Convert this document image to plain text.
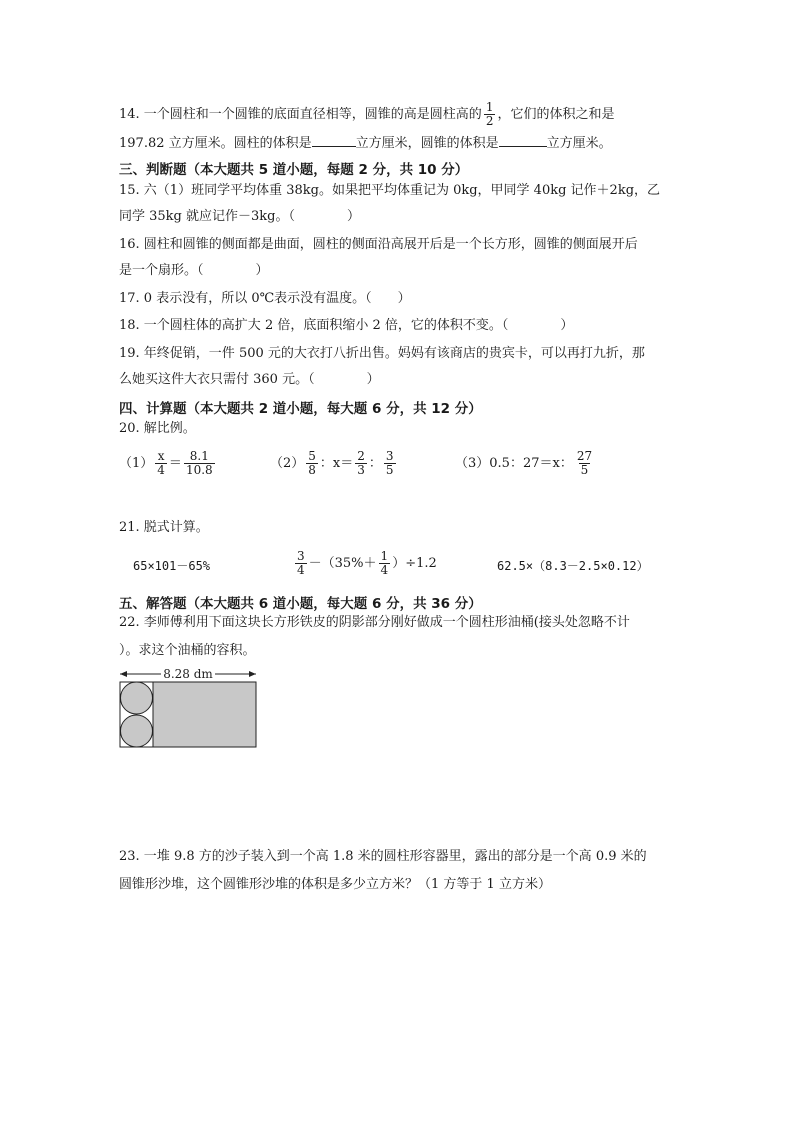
14. 一个圆柱和一个圆锥的底面直径相等，圆锥的高是圆柱高的 $\frac{1}{2}$ ，它们的体积之和是
197.82 立方厘米。圆柱的体积是	立方厘米，圆锥的体积是	立方厘米。
三、判断题（本大题共 5 道小题，每题 2 分，共 10 分）
15. 六（1）班同学平均体重 38kg。如果把平均体重记为 0kg，甲同学 40kg 记作＋2kg，乙
同学 35kg 就应记作－3kg。（　　　　）
16. 圆柱和圆锥的侧面都是曲面，圆柱的侧面沿高展开后是一个长方形，圆锥的侧面展开后
是一个扇形。（　　　　）
17. 0 表示没有，所以 0℃表示没有温度。（　　）
18. 一个圆柱体的高扩大 2 倍，底面积缩小 2 倍，它的体积不变。（　　　　）
19. 年终促销，一件 500 元的大衣打八折出售。妈妈有该商店的贵宾卡，可以再打九折，那
么她买这件大衣只需付 360 元。（　　　　）
四、计算题（本大题共 2 道小题，每大题 6 分，共 12 分）
20. 解比例。
$(1) \frac{x}{4} = \frac{8.1}{10.8}$	$(2) \frac{5}{8}$ ：$x= \frac{2}{3}$ ： $\frac{3}{5}$	（3）0.5：27＝x： $\frac{27}{5}$
21. 脱式计算。
65×101－65%	$\frac{3}{4} -(35\%+ \frac{1}{4} )\div 1.2$	62.5×（8.3－2.5×0.12）
五、解答题（本大题共 6 道小题，每大题 6 分，共 36 分）
22. 李师傅利用下面这块长方形铁皮的阴影部分刚好做成一个圆柱形油桶(接头处忽略不计
）。求这个油桶的容积。
8.28 dm
23. 一堆 9.8 方的沙子装入到一个高 1.8 米的圆柱形容器里，露出的部分是一个高 0.9 米的
圆锥形沙堆，这个圆锥形沙堆的体积是多少立方米？（1 方等于 1 立方米）
